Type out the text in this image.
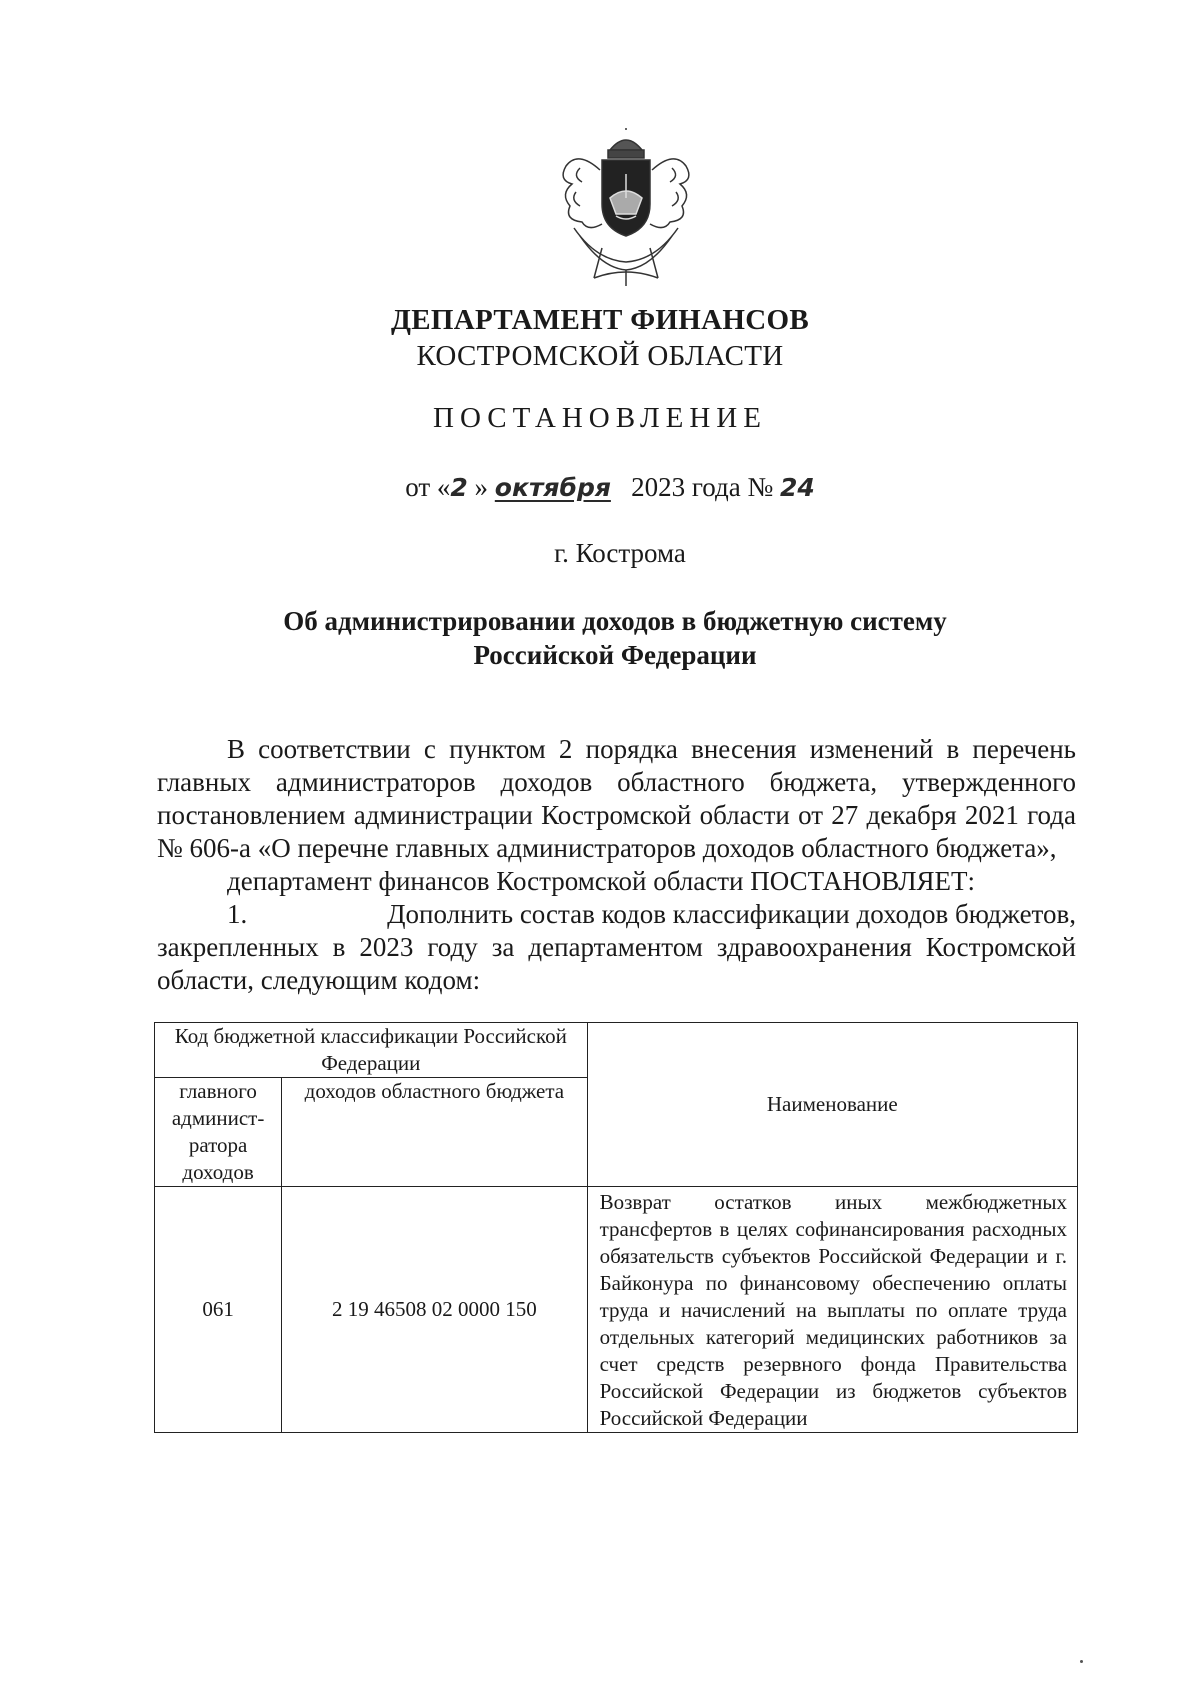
ДЕПАРТАМЕНТ ФИНАНСОВ
КОСТРОМСКОЙ ОБЛАСТИ
ПОСТАНОВЛЕНИЕ
от «2 » октября 2023 года № 24
г. Кострома
Об администрировании доходов в бюджетную систему
Российской Федерации

В соответствии с пунктом 2 порядка внесения изменений в перечень главных администраторов доходов областного бюджета, утвержденного постановлением администрации Костромской области от 27 декабря 2021 года № 606-а «О перечне главных администраторов доходов областного бюджета»,

департамент финансов Костромской области ПОСТАНОВЛЯЕТ:

1.	Дополнить состав кодов классификации доходов бюджетов,

закрепленных в 2023 году за департаментом здравоохранения Костромской области, следующим кодом:

Код бюджетной классификации Российской Федерации		Наименование
главного админист-ратора доходов	доходов областного бюджета	
061	2 19 46508 02 0000 150	Возврат остатков иных межбюджетных трансфертов в целях софинансирования расходных обязательств субъектов Российской Федерации и г. Байконура по финансовому обеспечению оплаты труда и начислений на выплаты по оплате труда отдельных категорий медицинских работников за счет средств резервного фонда Правительства Российской Федерации из бюджетов субъектов Российской Федерации
